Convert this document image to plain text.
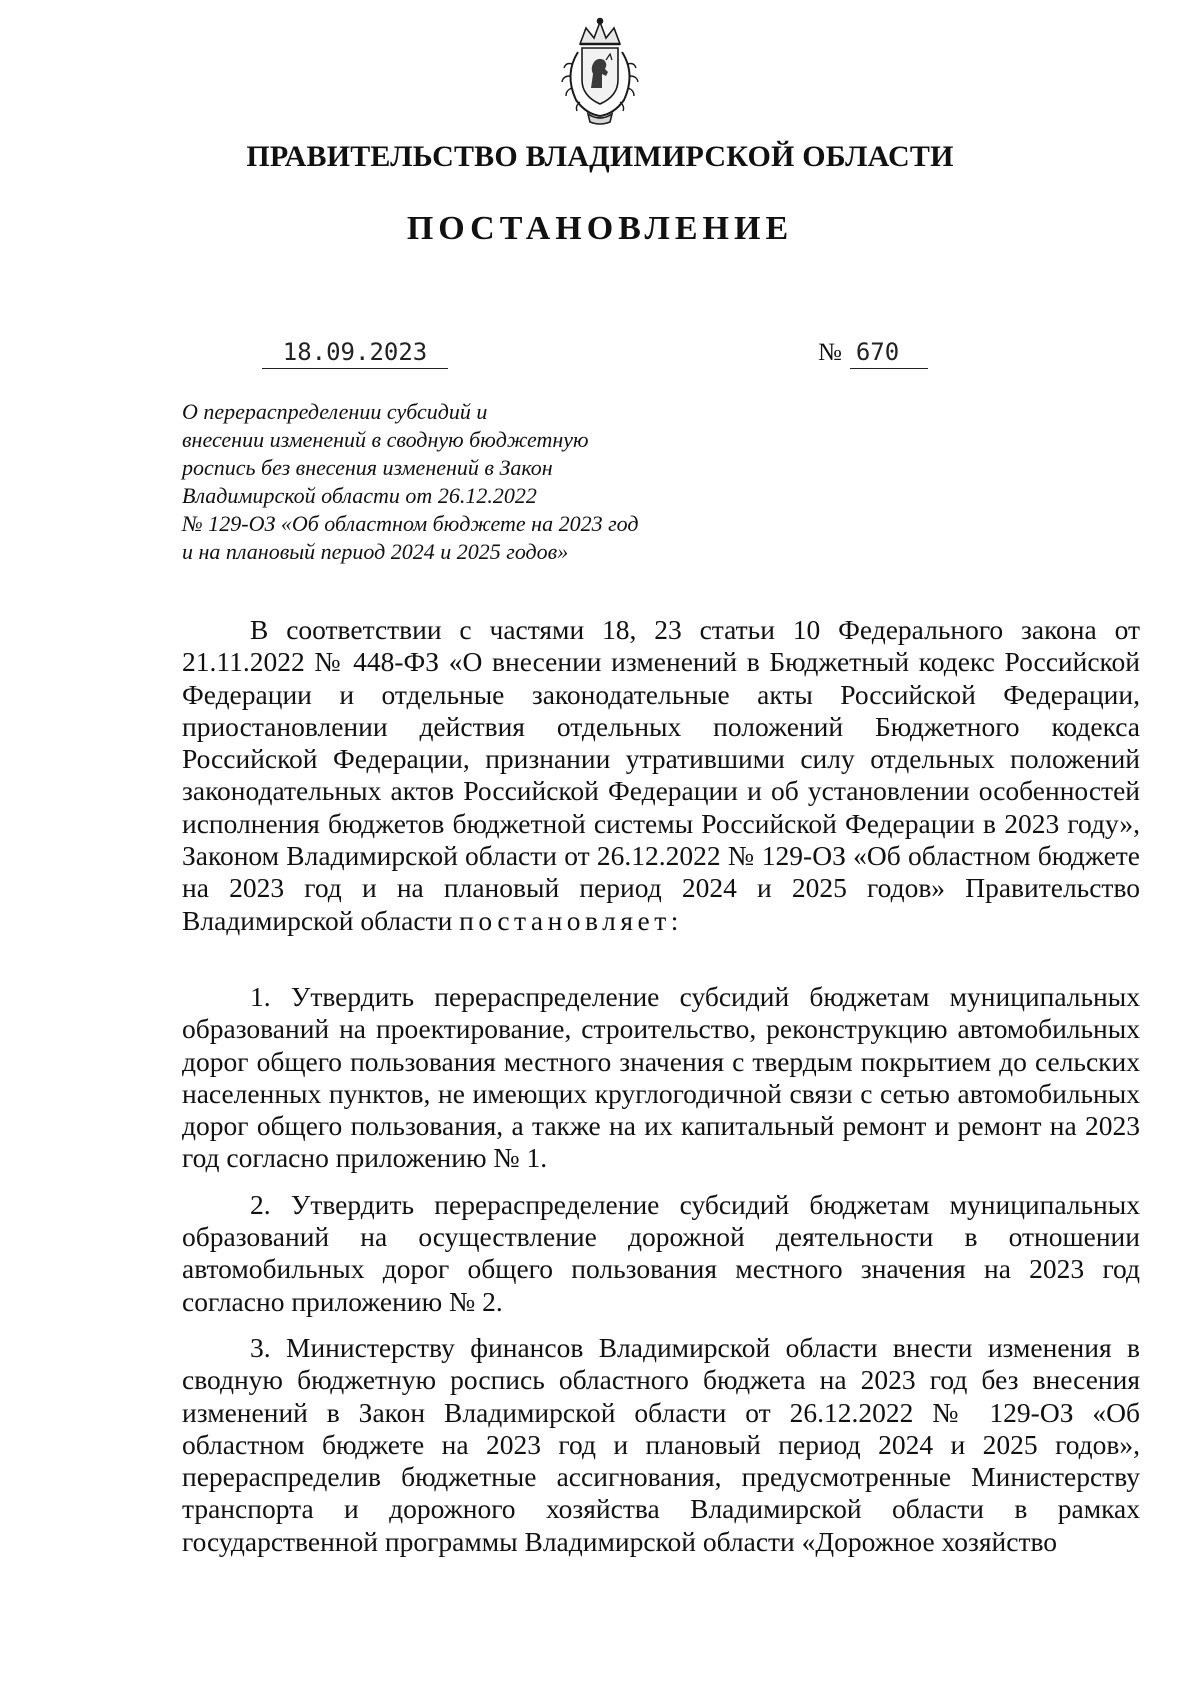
ПРАВИТЕЛЬСТВО ВЛАДИМИРСКОЙ ОБЛАСТИ
ПОСТАНОВЛЕНИЕ
18.09.2023	№ 670
О перераспределении субсидий и
внесении изменений в сводную бюджетную
роспись без внесения изменений в Закон
Владимирской области от 26.12.2022
№ 129-ОЗ «Об областном бюджете на 2023 год
и на плановый период 2024 и 2025 годов»

В соответствии с частями 18, 23 статьи 10 Федерального закона от 21.11.2022 № 448-ФЗ «О внесении изменений в Бюджетный кодекс Российской Федерации и отдельные законодательные акты Российской Федерации, приостановлении действия отдельных положений Бюджетного кодекса Российской Федерации, признании утратившими силу отдельных положений законодательных актов Российской Федерации и об установлении особенностей исполнения бюджетов бюджетной системы Российской Федерации в 2023 году», Законом Владимирской области от 26.12.2022 № 129-ОЗ «Об областном бюджете на 2023 год и на плановый период 2024 и 2025 годов» Правительство Владимирской области постановляет:

1. Утвердить перераспределение субсидий бюджетам муниципальных образований на проектирование, строительство, реконструкцию автомобильных дорог общего пользования местного значения с твердым покрытием до сельских населенных пунктов, не имеющих круглогодичной связи с сетью автомобильных дорог общего пользования, а также на их капитальный ремонт и ремонт на 2023 год согласно приложению № 1.

2. Утвердить перераспределение субсидий бюджетам муниципальных образований на осуществление дорожной деятельности в отношении автомобильных дорог общего пользования местного значения на 2023 год согласно приложению № 2.

3. Министерству финансов Владимирской области внести изменения в сводную бюджетную роспись областного бюджета на 2023 год без внесения изменений в Закон Владимирской области от 26.12.2022 № 129-ОЗ «Об областном бюджете на 2023 год и плановый период 2024 и 2025 годов», перераспределив бюджетные ассигнования, предусмотренные Министерству транспорта и дорожного хозяйства Владимирской области в рамках государственной программы Владимирской области «Дорожное хозяйство
